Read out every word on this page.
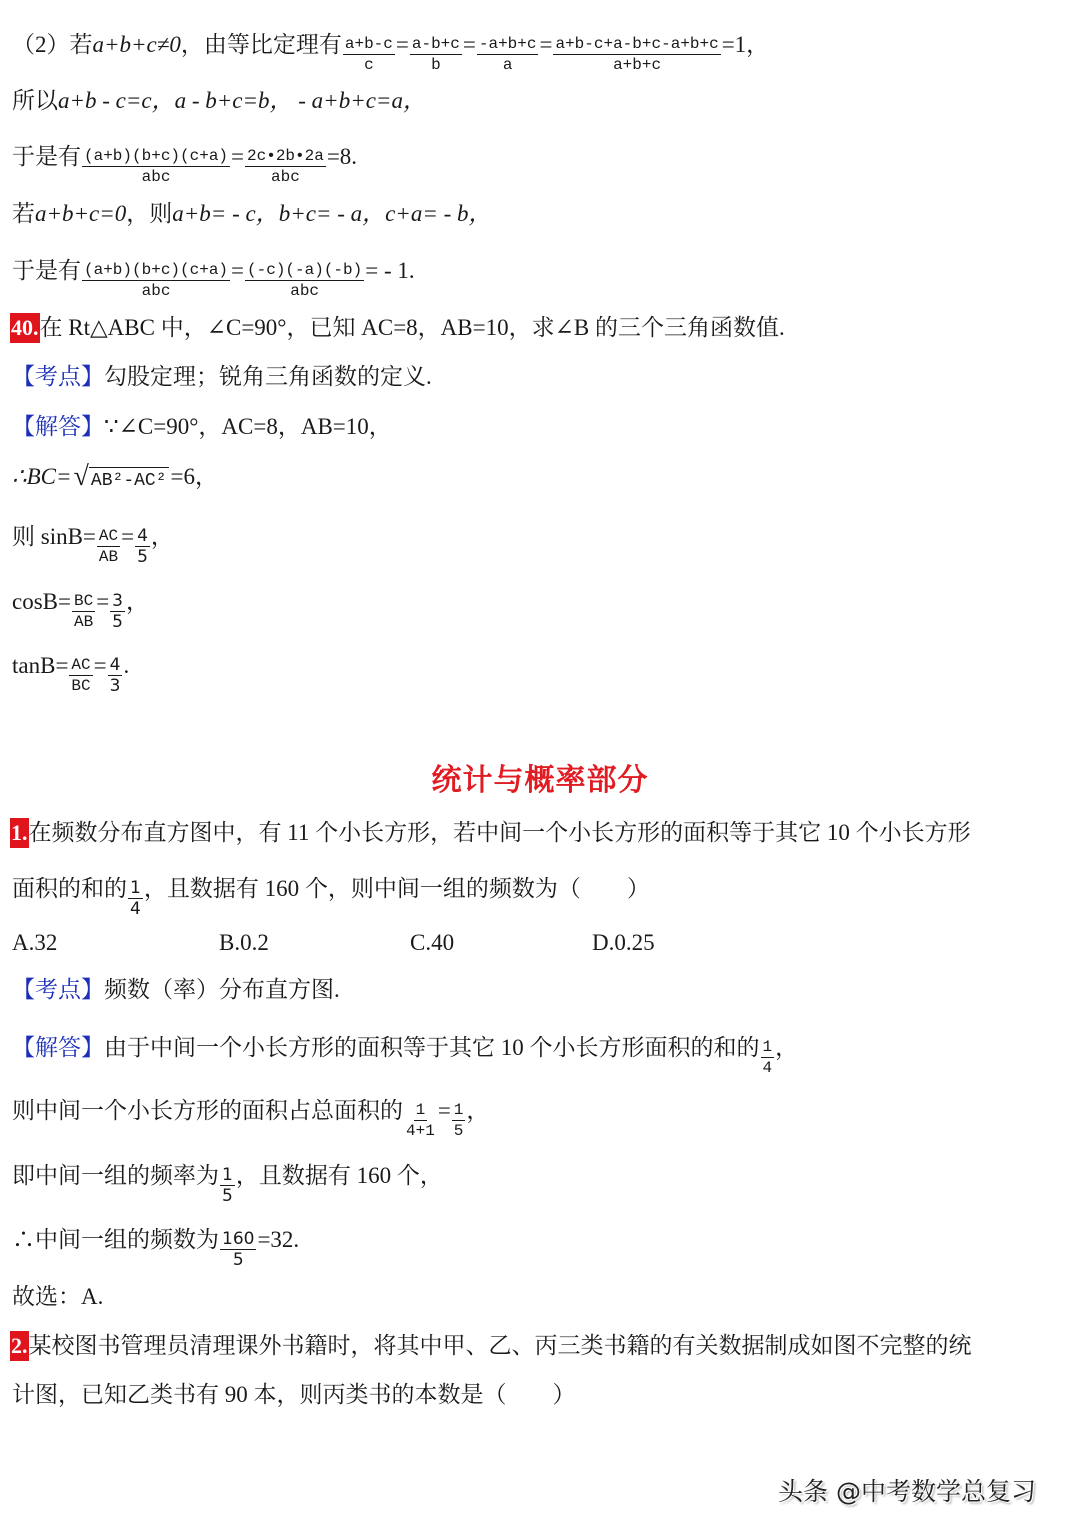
（2）若 a+b+c≠0 ，由等比定理有 $\frac{a+b-c}{c} = \frac{a-b+c}{b} = \frac{-a+b+c}{a} = \frac{a+b-c+a-b+c-a+b+c}{a+b+c} =1$，
所以 a+b - c=c，a - b+c=b， - a+b+c=a，
于是有 $\frac{(a+b)(b+c)(c+a)}{\text{abc}} = \frac{2c•2b•2a}{\text{abc}} =8$.
若 a+b+c=0 ，则 a+b= - c，b+c= - a，c+a= - b，
于是有 $\frac{(a+b)(b+c)(c+a)}{\text{abc}} = \frac{(-c)(-a)(-b)}{\text{abc}}$ = - 1.
40. 在 Rt△ABC 中，∠C=90°，已知 AC=8，AB=10，求∠B 的三个三角函数值.
【考点】 勾股定理；锐角三角函数的定义.
【解答】 ∵∠C=90°，AC=8，AB=10，
∴BC= √ AB²-AC² =6，
则 $\sin B= \frac{AC}{AB} = \frac{4}{5}$ ，
$\cos B= \frac{BC}{AB} = \frac{3}{5}$ ，
$\tan B= \frac{AC}{BC} = \frac{4}{3}$ .
统计与概率部分
1. 在频数分布直方图中，有 11 个小长方形，若中间一个小长方形的面积等于其它 10 个小长方形
面积的和的 $\frac{1}{4}$ ，且数据有 160 个，则中间一组的频数为（　　）
A.32	B.0.2	C.40	D.0.25
【考点】 频数（率）分布直方图.
【解答】 由于中间一个小长方形的面积等于其它 10 个小长方形面积的和的 $\frac{1}{4}$ ，
则中间一个小长方形的面积占总面积的 $\frac{1}{4+1} = \frac{1}{5}$ ，
即中间一组的频率为 $\frac{1}{5}$ ，且数据有 160 个，
∴中间一组的频数为 $\frac{160}{5} =32$.
故选：A.
2. 某校图书管理员清理课外书籍时，将其中甲、乙、丙三类书籍的有关数据制成如图不完整的统
计图，已知乙类书有 90 本，则丙类书的本数是（　　）
头条 @中考数学总复习
